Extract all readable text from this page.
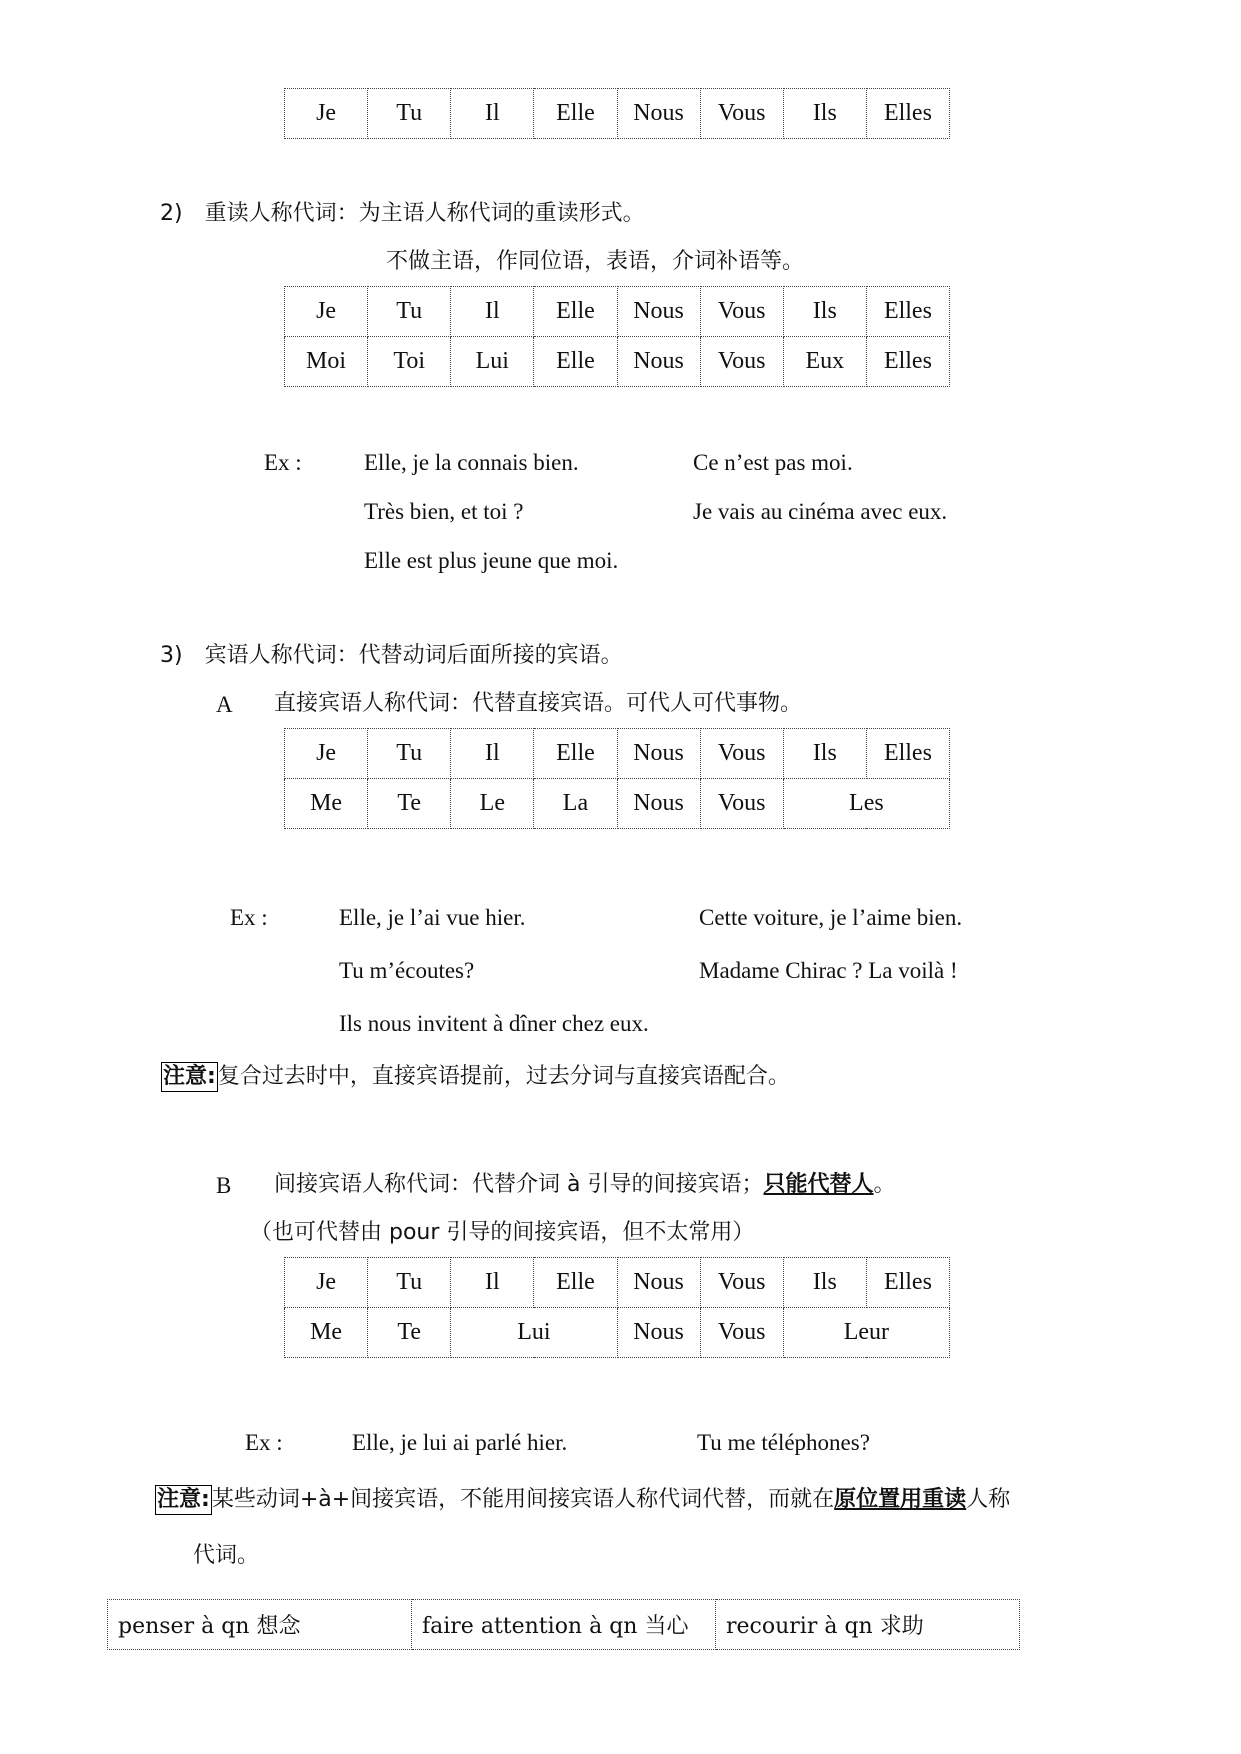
Je	Tu	Il	Elle	Nous	Vous	Ils	Elles
2)　重读人称代词：为主语人称代词的重读形式。
不做主语，作同位语，表语，介词补语等。
Je	Tu	Il	Elle	Nous	Vous	Ils	Elles
Moi	Toi	Lui	Elle	Nous	Vous	Eux	Elles
Ex :	Elle, je la connais bien.	Ce n’est pas moi.
Très bien, et toi ?	Je vais au cinéma avec eux.
Elle est plus jeune que moi.
3)　宾语人称代词：代替动词后面所接的宾语。
A 直接宾语人称代词：代替直接宾语。可代人可代事物。
Je	Tu	Il	Elle	Nous	Vous	Ils	Elles
Me	Te	Le	La	Nous	Vous	Les	
Ex :	Elle, je l’ai vue hier.	Cette voiture, je l’aime bien.
Tu m’écoutes?	Madame Chirac ? La voilà !
Ils nous invitent à dîner chez eux.
注意:复合过去时中，直接宾语提前，过去分词与直接宾语配合。
B 间接宾语人称代词：代替介词 à 引导的间接宾语；只能代替人。
（也可代替由 pour 引导的间接宾语，但不太常用）
Je	Tu	Il	Elle	Nous	Vous	Ils	Elles
Me	Te	Lui		Nous	Vous	Leur	
Ex :	Elle, je lui ai parlé hier.	Tu me téléphones?
注意:某些动词+à+间接宾语，不能用间接宾语人称代词代替，而就在原位置用重读人称
代词。
penser à qn 想念	faire attention à qn 当心	recourir à qn 求助
